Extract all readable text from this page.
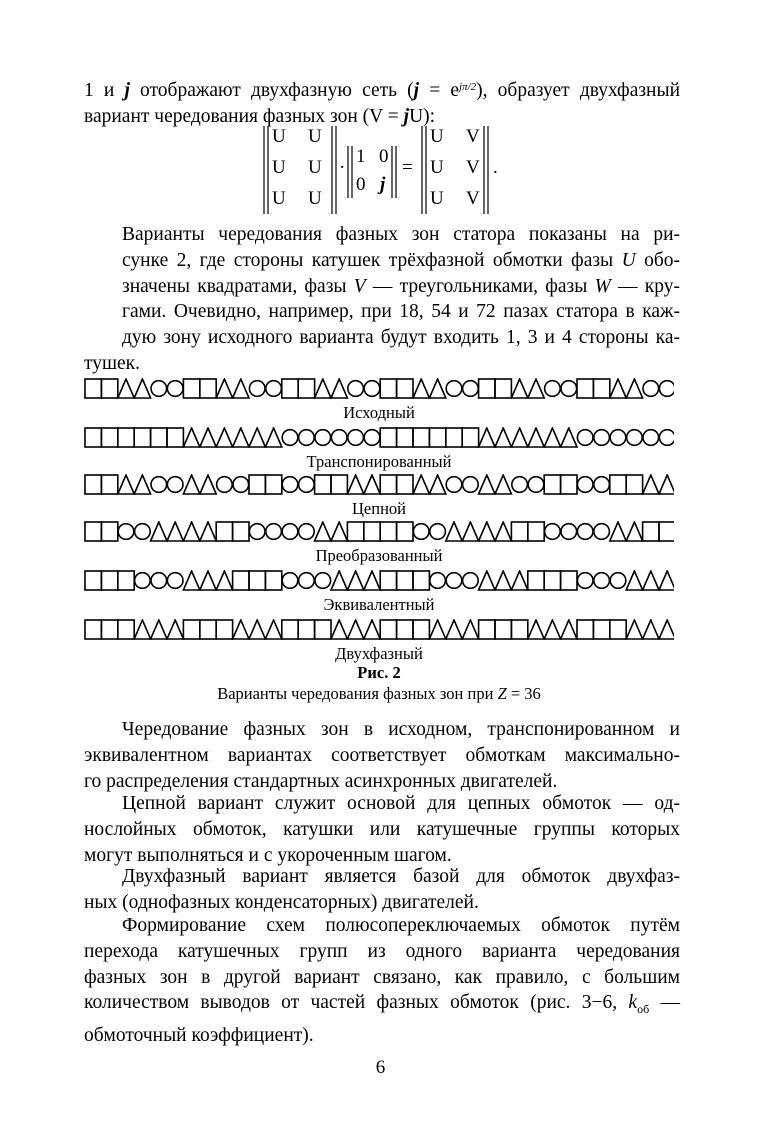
1 и j отображают двухфазную сеть $(j = e^{j\pi/2})$, образует двухфазный
вариант чередования фазных зон (V = jU):
U U
U U
U U
·
1 0
0 j
=
U V
U V
U V
.
Варианты чередования фазных зон статора показаны на ри-
сунке 2, где стороны катушек трёхфазной обмотки фазы U обо-
значены квадратами, фазы V — треугольниками, фазы W — кру-
гами. Очевидно, например, при 18, 54 и 72 пазах статора в каж-
дую зону исходного варианта будут входить 1, 3 и 4 стороны ка-
тушек.
Исходный
Транспонированный
Цепной
Преобразованный
Эквивалентный
Двухфазный
Рис. 2
Варианты чередования фазных зон при Z = 36
Чередование фазных зон в исходном, транспонированном и
эквивалентном вариантах соответствует обмоткам максимально-
го распределения стандартных асинхронных двигателей.
Цепной вариант служит основой для цепных обмоток — од-
нослойных обмоток, катушки или катушечные группы которых
могут выполняться и с укороченным шагом.
Двухфазный вариант является базой для обмоток двухфаз-
ных (однофазных конденсаторных) двигателей.
Формирование схем полюсопереключаемых обмоток путём
перехода катушечных групп из одного варианта чередования
фазных зон в другой вариант связано, как правило, с большим
количеством выводов от частей фазных обмоток (рис. 3−6, $k_{об}$ —
обмоточный коэффициент).
6
